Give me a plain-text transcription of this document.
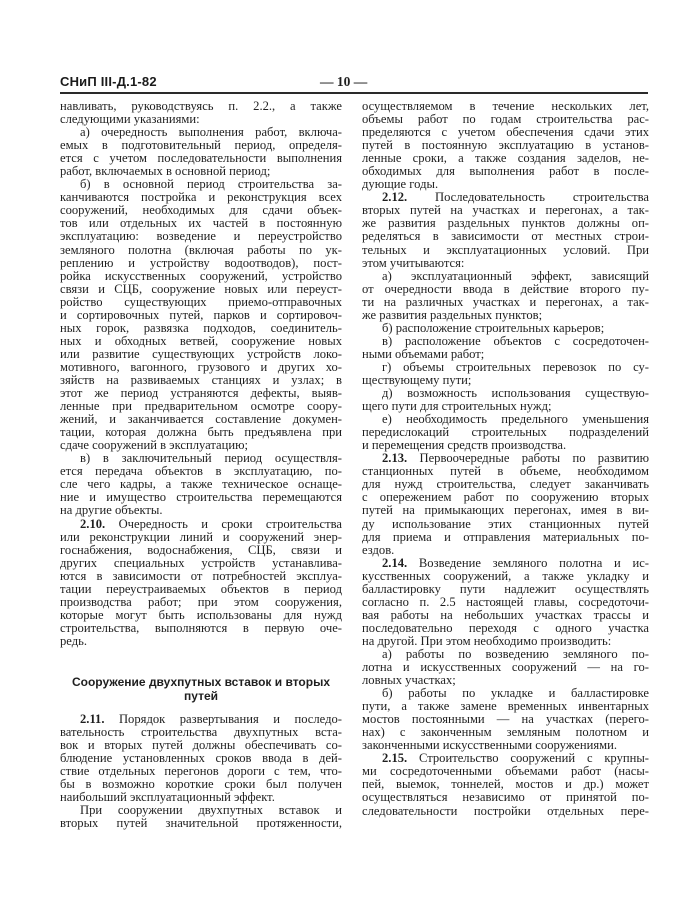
СНиП III-Д.1-82	— 10 —
навливать, руководствуясь п. 2.2., а также
следующими указаниями:
а) очередность выполнения работ, включа-
емых в подготовительный период, определя-
ется с учетом последовательности выполнения
работ, включаемых в основной период;
б) в основной период строительства за-
канчиваются постройка и реконструкция всех
сооружений, необходимых для сдачи объек-
тов или отдельных их частей в постоянную
эксплуатацию: возведение и переустройство
земляного полотна (включая работы по ук-
реплению и устройству водоотводов), пост-
ройка искусственных сооружений, устройство
связи и СЦБ, сооружение новых или переуст-
ройство существующих приемо-отправочных
и сортировочных путей, парков и сортировоч-
ных горок, развязка подходов, соединитель-
ных и обходных ветвей, сооружение новых
или развитие существующих устройств локо-
мотивного, вагонного, грузового и других хо-
зяйств на развиваемых станциях и узлах; в
этот же период устраняются дефекты, выяв-
ленные при предварительном осмотре соору-
жений, и заканчивается составление докумен-
тации, которая должна быть предъявлена при
сдаче сооружений в эксплуатацию;
в) в заключительный период осуществля-
ется передача объектов в эксплуатацию, по-
сле чего кадры, а также техническое оснаще-
ние и имущество строительства перемещаются
на другие объекты.
2.10. Очередность и сроки строительства
или реконструкции линий и сооружений энер-
госнабжения, водоснабжения, СЦБ, связи и
других специальных устройств устанавлива-
ются в зависимости от потребностей эксплуа-
тации переустраиваемых объектов в период
производства работ; при этом сооружения,
которые могут быть использованы для нужд
строительства, выполняются в первую оче-
редь.
Сооружение двухпутных вставок и вторых
путей
2.11. Порядок развертывания и последо-
вательность строительства двухпутных вста-
вок и вторых путей должны обеспечивать со-
блюдение установленных сроков ввода в дей-
ствие отдельных перегонов дороги с тем, что-
бы в возможно короткие сроки был получен
наибольший эксплуатационный эффект.
При сооружении двухпутных вставок и
вторых путей значительной протяженности,
осуществляемом в течение нескольких лет,
объемы работ по годам строительства рас-
пределяются с учетом обеспечения сдачи этих
путей в постоянную эксплуатацию в установ-
ленные сроки, а также создания заделов, не-
обходимых для выполнения работ в после-
дующие годы.
2.12. Последовательность строительства
вторых путей на участках и перегонах, а так-
же развития раздельных пунктов должны оп-
ределяться в зависимости от местных строи-
тельных и эксплуатационных условий. При
этом учитываются:
а) эксплуатационный эффект, зависящий
от очередности ввода в действие второго пу-
ти на различных участках и перегонах, а так-
же развития раздельных пунктов;
б) расположение строительных карьеров;
в) расположение объектов с сосредоточен-
ными объемами работ;
г) объемы строительных перевозок по су-
ществующему пути;
д) возможность использования существую-
щего пути для строительных нужд;
е) необходимость предельного уменьшения
передислокаций строительных подразделений
и перемещения средств производства.
2.13. Первоочередные работы по развитию
станционных путей в объеме, необходимом
для нужд строительства, следует заканчивать
с опережением работ по сооружению вторых
путей на примыкающих перегонах, имея в ви-
ду использование этих станционных путей
для приема и отправления материальных по-
ездов.
2.14. Возведение земляного полотна и ис-
кусственных сооружений, а также укладку и
балластировку пути надлежит осуществлять
согласно п. 2.5 настоящей главы, сосредоточи-
вая работы на небольших участках трассы и
последовательно переходя с одного участка
на другой. При этом необходимо производить:
а) работы по возведению земляного по-
лотна и искусственных сооружений — на го-
ловных участках;
б) работы по укладке и балластировке
пути, а также замене временных инвентарных
мостов постоянными — на участках (перего-
нах) с законченным земляным полотном и
законченными искусственными сооружениями.
2.15. Строительство сооружений с крупны-
ми сосредоточенными объемами работ (насы-
пей, выемок, тоннелей, мостов и др.) может
осуществляться независимо от принятой по-
следовательности постройки отдельных пере-
